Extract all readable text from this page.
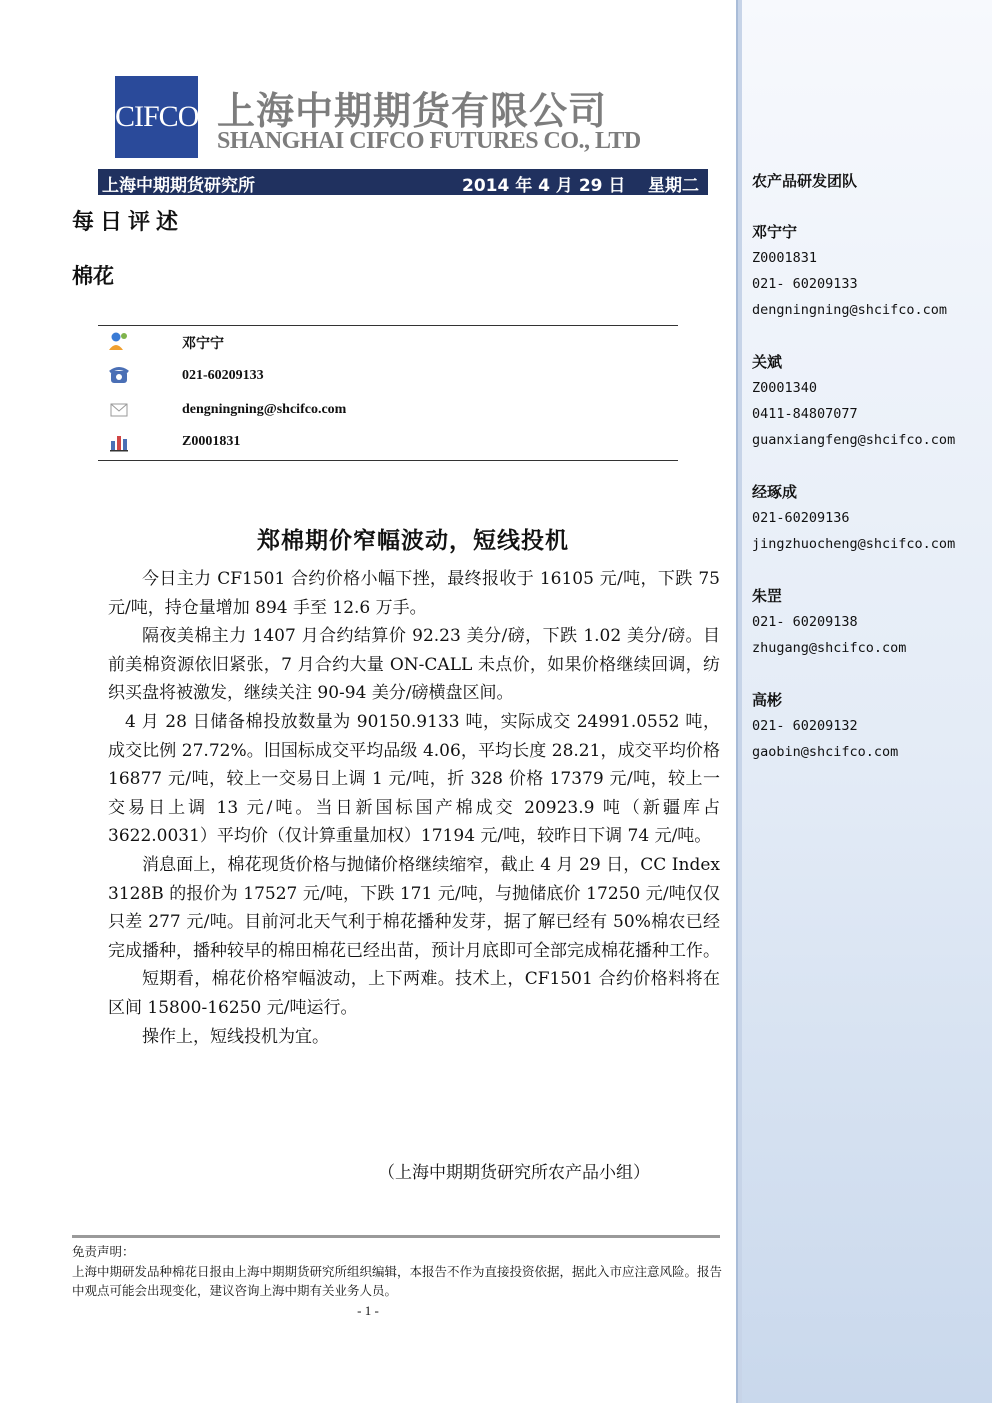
CIFCO 上海中期期货有限公司
SHANGHAI CIFCO FUTURES CO., LTD
上海中期期货研究所	2014 年 4 月 29 日 星期二
每日评述
棉花
邓宁宁
021-60209133
dengningning@shcifco.com
Z0001831
郑棉期价窄幅波动，短线投机

今日主力 CF1501 合约价格小幅下挫，最终报收于 16105 元/吨，下跌 75 元/吨，持仓量增加 894 手至 12.6 万手。

隔夜美棉主力 1407 月合约结算价 92.23 美分/磅，下跌 1.02 美分/磅。目前美棉资源依旧紧张，7 月合约大量 ON-CALL 未点价，如果价格继续回调，纺织买盘将被激发，继续关注 90-94 美分/磅横盘区间。

4 月 28 日储备棉投放数量为 90150.9133 吨，实际成交 24991.0552 吨，成交比例 27.72%。旧国标成交平均品级 4.06，平均长度 28.21，成交平均价格 16877 元/吨，较上一交易日上调 1 元/吨，折 328 价格 17379 元/吨，较上一交易日上调 13 元/吨。当日新国标国产棉成交 20923.9 吨（新疆库占 3622.0031）平均价（仅计算重量加权）17194 元/吨，较昨日下调 74 元/吨。

消息面上，棉花现货价格与抛储价格继续缩窄，截止 4 月 29 日，CC Index 3128B 的报价为 17527 元/吨，下跌 171 元/吨，与抛储底价 17250 元/吨仅仅只差 277 元/吨。目前河北天气利于棉花播种发芽，据了解已经有 50%棉农已经完成播种，播种较早的棉田棉花已经出苗，预计月底即可全部完成棉花播种工作。

短期看，棉花价格窄幅波动，上下两难。技术上，CF1501 合约价格料将在区间 15800-16250 元/吨运行。

操作上，短线投机为宜。

（上海中期期货研究所农产品小组）
免责声明：
上海中期研发品种棉花日报由上海中期期货研究所组织编辑，本报告不作为直接投资依据，据此入市应注意风险。报告中观点可能会出现变化，建议咨询上海中期有关业务人员。
- 1 -
农产品研发团队
邓宁宁
Z0001831
021- 60209133
dengningning@shcifco.com
关斌
Z0001340
0411-84807077
guanxiangfeng@shcifco.com
经琢成
021-60209136
jingzhuocheng@shcifco.com
朱罡
021- 60209138
zhugang@shcifco.com
高彬
021- 60209132
gaobin@shcifco.com
